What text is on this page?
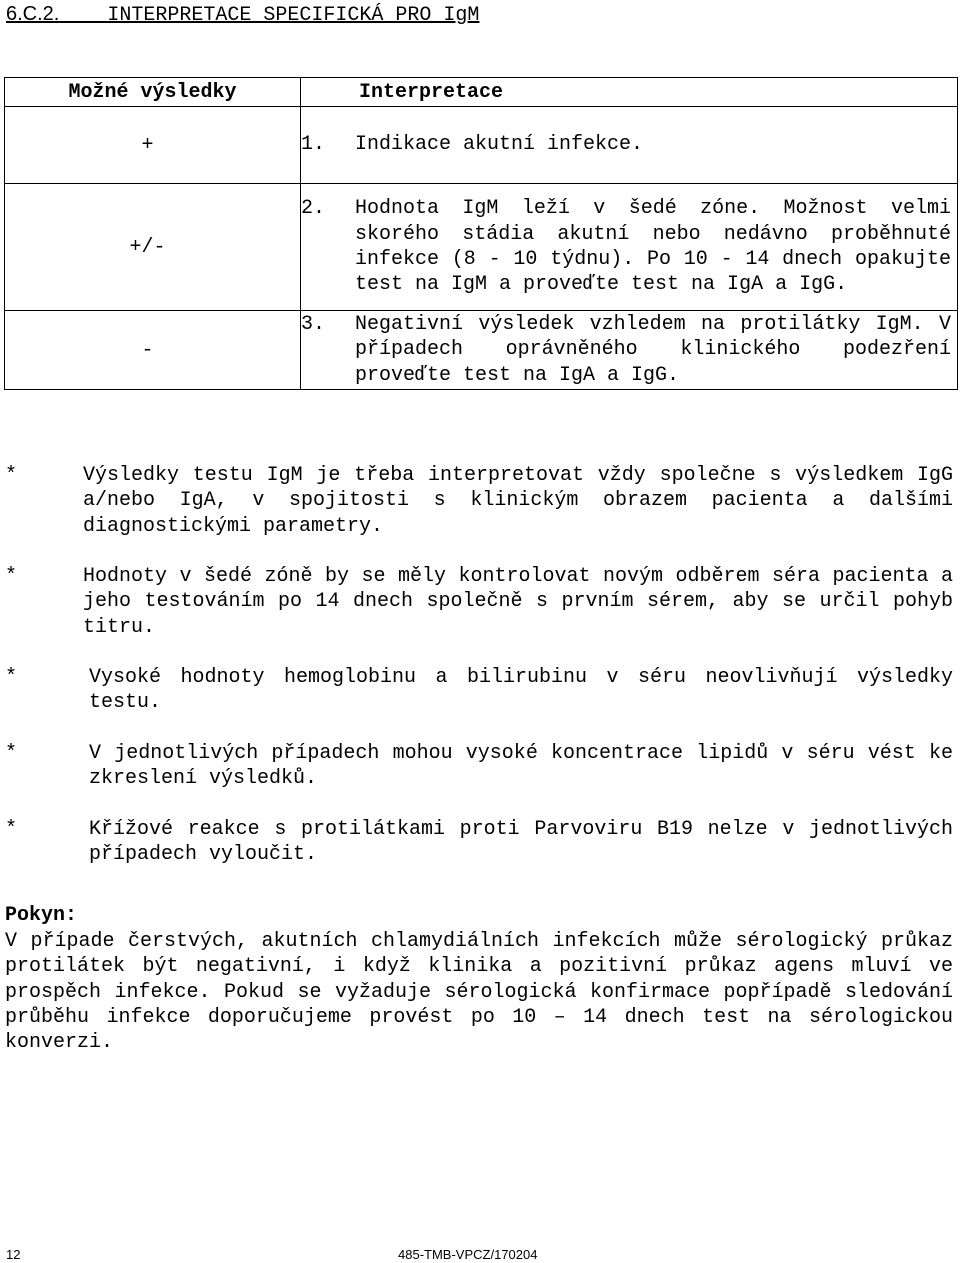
6.C.2. INTERPRETACE SPECIFICKÁ PRO IgM
Možné výsledky	Interpretace
+	1. Indikace akutní infekce.

+/-	2. Hodnota IgM leží v šedé zóne. Možnost velmi skorého stádia akutní nebo nedávno proběhnuté infekce (8 - 10 týdnu). Po 10 - 14 dnech opakujte test na IgM a proveďte test na IgA a IgG.

-	3. Negativní výsledek vzhledem na protilátky IgM. V případech oprávněného klinického podezření proveďte test na IgA a IgG.
*	Výsledky testu IgM je třeba interpretovat vždy společne s výsledkem IgG a/nebo IgA, v spojitosti s klinickým obrazem pacienta a dalšími diagnostickými parametry.
*	Hodnoty v šedé zóně by se měly kontrolovat novým odběrem séra pacienta a jeho testováním po 14 dnech společně s prvním sérem, aby se určil pohyb titru.
*	Vysoké hodnoty hemoglobinu a bilirubinu v séru neovlivňují výsledky testu.
*	V jednotlivých případech mohou vysoké koncentrace lipidů v séru vést ke zkreslení výsledků.
*	Křížové reakce s protilátkami proti Parvoviru B19 nelze v jednotlivých případech vyloučit.
Pokyn:
V případe čerstvých, akutních chlamydiálních infekcích může sérologický průkaz protilátek být negativní, i když klinika a pozitivní průkaz agens mluví ve prospěch infekce. Pokud se vyžaduje sérologická konfirmace popřípadě sledování průběhu infekce doporučujeme provést po 10 – 14 dnech test na sérologickou konverzi.
12	485-TMB-VPCZ/170204
